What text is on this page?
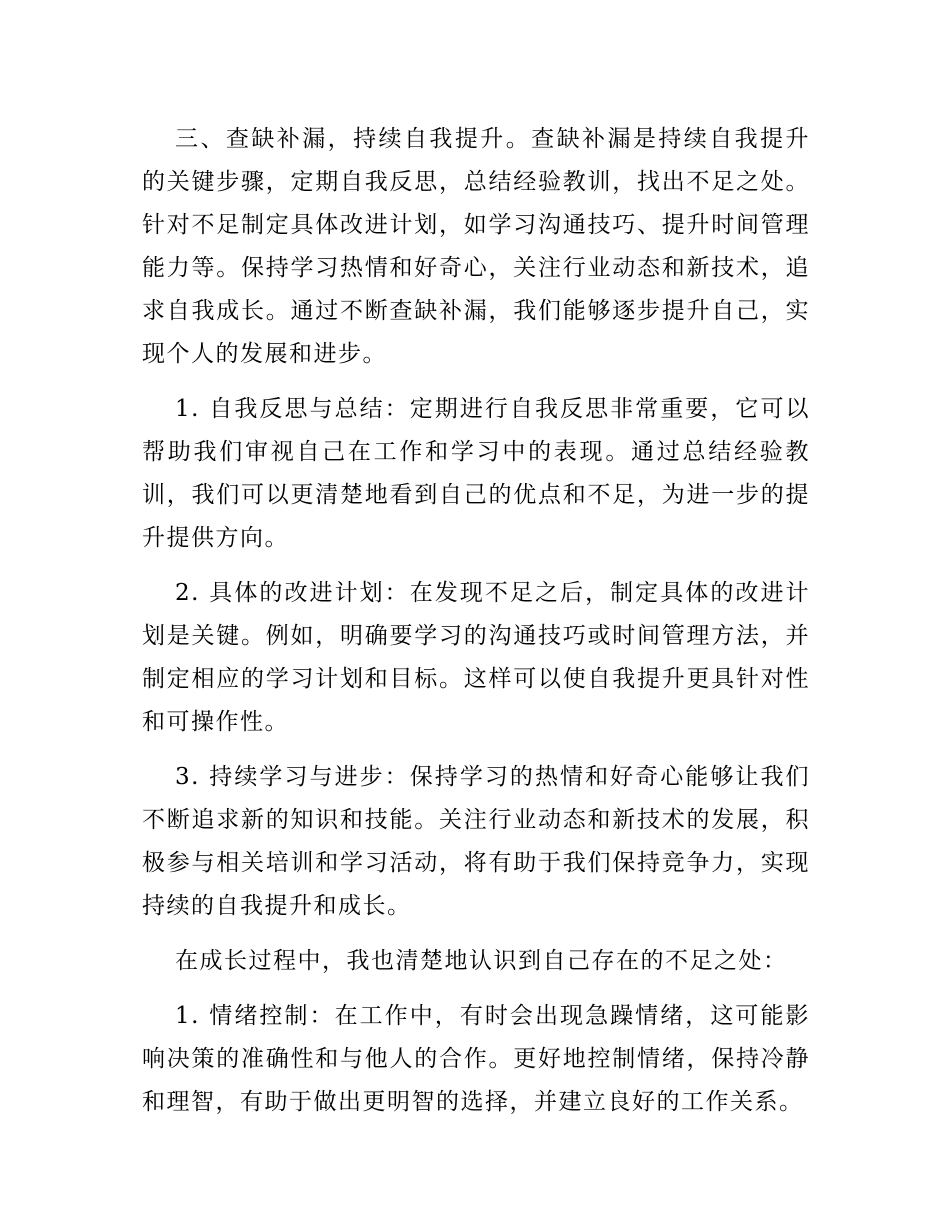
三、查缺补漏，持续自我提升。查缺补漏是持续自我提升的关键步骤，定期自我反思，总结经验教训，找出不足之处。针对不足制定具体改进计划，如学习沟通技巧、提升时间管理能力等。保持学习热情和好奇心，关注行业动态和新技术，追求自我成长。通过不断查缺补漏，我们能够逐步提升自己，实现个人的发展和进步。

1. 自我反思与总结：定期进行自我反思非常重要，它可以帮助我们审视自己在工作和学习中的表现。通过总结经验教训，我们可以更清楚地看到自己的优点和不足，为进一步的提升提供方向。

2. 具体的改进计划：在发现不足之后，制定具体的改进计划是关键。例如，明确要学习的沟通技巧或时间管理方法，并制定相应的学习计划和目标。这样可以使自我提升更具针对性和可操作性。

3. 持续学习与进步：保持学习的热情和好奇心能够让我们不断追求新的知识和技能。关注行业动态和新技术的发展，积极参与相关培训和学习活动，将有助于我们保持竞争力，实现持续的自我提升和成长。

在成长过程中，我也清楚地认识到自己存在的不足之处：

1. 情绪控制：在工作中，有时会出现急躁情绪，这可能影响决策的准确性和与他人的合作。更好地控制情绪，保持冷静和理智，有助于做出更明智的选择，并建立良好的工作关系。
